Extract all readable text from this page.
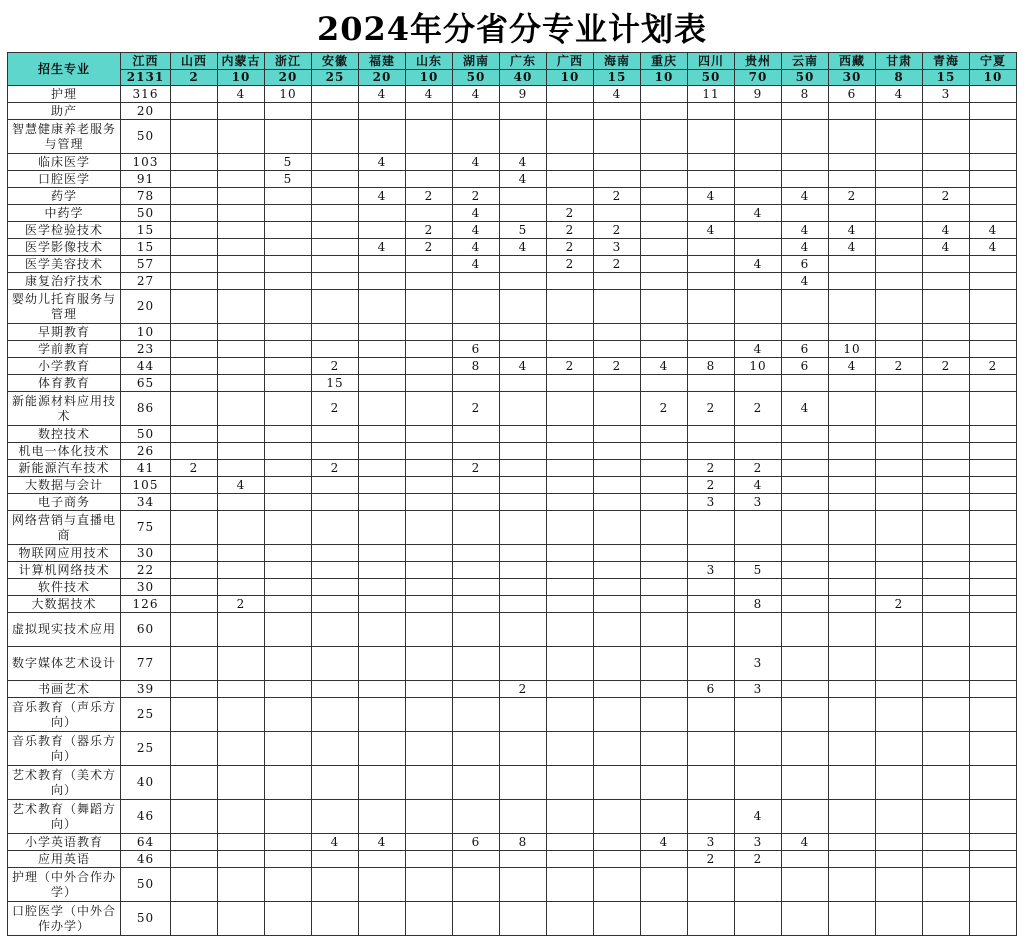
2024年分省分专业计划表
招生专业	江西	山西	内蒙古	浙江	安徽	福建	山东	湖南	广东	广西	海南	重庆	四川	贵州	云南	西藏	甘肃	青海	宁夏
	2131	2	10	20	25	20	10	50	40	10	15	10	50	70	50	30	8	15	10
护理	316		4	10		4	4	4	9		4		11	9	8	6	4	3	
助产	20																		
智慧健康养老服务与管理	50																		
临床医学	103			5		4		4	4										
口腔医学	91			5					4										
药学	78					4	2	2			2		4		4	2		2	
中药学	50							4		2				4					
医学检验技术	15						2	4	5	2	2		4		4	4		4	4
医学影像技术	15					4	2	4	4	2	3				4	4		4	4
医学美容技术	57							4		2	2			4	6				
康复治疗技术	27														4				
婴幼儿托育服务与管理	20																		
早期教育	10																		
学前教育	23							6						4	6	10			
小学教育	44				2			8	4	2	2	4	8	10	6	4	2	2	2
体育教育	65				15														
新能源材料应用技术	86				2			2				2	2	2	4				
数控技术	50																		
机电一体化技术	26																		
新能源汽车技术	41	2			2			2					2	2					
大数据与会计	105		4										2	4					
电子商务	34												3	3					
网络营销与直播电商	75																		
物联网应用技术	30																		
计算机网络技术	22												3	5					
软件技术	30																		
大数据技术	126		2											8			2		
虚拟现实技术应用	60																		
数字媒体艺术设计	77													3					
书画艺术	39								2				6	3					
音乐教育（声乐方向）	25																		
音乐教育（器乐方向）	25																		
艺术教育（美术方向）	40																		
艺术教育（舞蹈方向）	46													4					
小学英语教育	64				4	4		6	8			4	3	3	4				
应用英语	46												2	2					
护理（中外合作办学）	50																		
口腔医学（中外合作办学）	50																		
